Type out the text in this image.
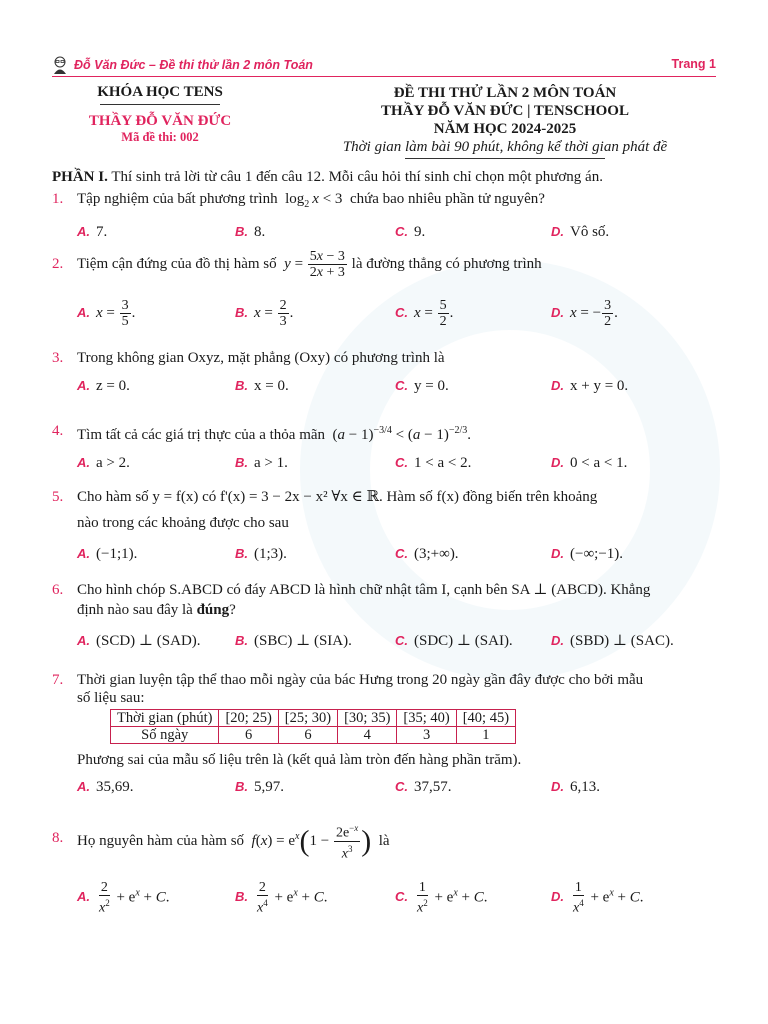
Đỗ Văn Đức – Đề thi thử lần 2 môn Toán	Trang 1
KHÓA HỌC TENS
THẦY ĐỖ VĂN ĐỨC
Mã đề thi: 002
ĐỀ THI THỬ LẦN 2 MÔN TOÁN
THẦY ĐỖ VĂN ĐỨC | TENSCHOOL
NĂM HỌC 2024-2025
Thời gian làm bài 90 phút, không kể thời gian phát đề
PHẦN I. Thí sinh trả lời từ câu 1 đến câu 12. Mỗi câu hỏi thí sinh chỉ chọn một phương án.
1. Tập nghiệm của bất phương trình  $\log_2 x < 3$  chứa bao nhiêu phần tử nguyên?
A. 7.	B. 8.	C. 9.	D. Vô số.
2. Tiệm cận đứng của đồ thị hàm số $y = \frac{5x - 3}{2x + 3}$ là đường thẳng có phương trình
A. $x = \frac{3}{5}$ .	B. $x = \frac{2}{3}$ .	C. $x = \frac{5}{2}$ .	D. x = − $\frac{3}{2}$ .
3. Trong không gian Oxyz, mặt phẳng (Oxy) có phương trình là
A. z = 0.	B. x = 0.	C. y = 0.	D. x + y = 0.
4. Tìm tất cả các giá trị thực của a thỏa mãn  $(a - 1)^{-3/4} < (a - 1)^{-2/3}$.
A. a > 2.	B. a > 1.	C. 1 < a < 2.	D. 0 < a < 1.
5. Cho hàm số y = f(x) có f'(x) = 3 − 2x − x² ∀x ∈ ℝ. Hàm số f(x) đồng biến trên khoảng
nào trong các khoảng được cho sau
A. (−1;1).	B. (1;3).	C. (3;+∞).	D. (−∞;−1).
6. Cho hình chóp S.ABCD có đáy ABCD là hình chữ nhật tâm I, cạnh bên SA ⊥ (ABCD). Khẳng
định nào sau đây là đúng?
A. (SCD) ⊥ (SAD).	B. (SBC) ⊥ (SIA).	C. (SDC) ⊥ (SAI).	D. (SBD) ⊥ (SAC).
7. Thời gian luyện tập thể thao mỗi ngày của bác Hưng trong 20 ngày gần đây được cho bởi mẫu
số liệu sau:
Thời gian (phút)	[20; 25)	[25; 30)	[30; 35)	[35; 40)	[40; 45)
Số ngày	6	6	4	3	1
Phương sai của mẫu số liệu trên là (kết quả làm tròn đến hàng phần trăm).
A. 35,69.	B. 5,97.	C. 37,57.	D. 6,13.
8. Họ nguyên hàm của hàm số $f(x) = e^x(1 - \frac{2e^{-x}}{x^3}$ ) là
A. $\frac{2}{x^2} + e^x + C$.	B. $\frac{2}{x^4} + e^x + C$.	C. $\frac{1}{x^2} + e^x + C$.	D. $\frac{1}{x^4} + e^x + C$.
